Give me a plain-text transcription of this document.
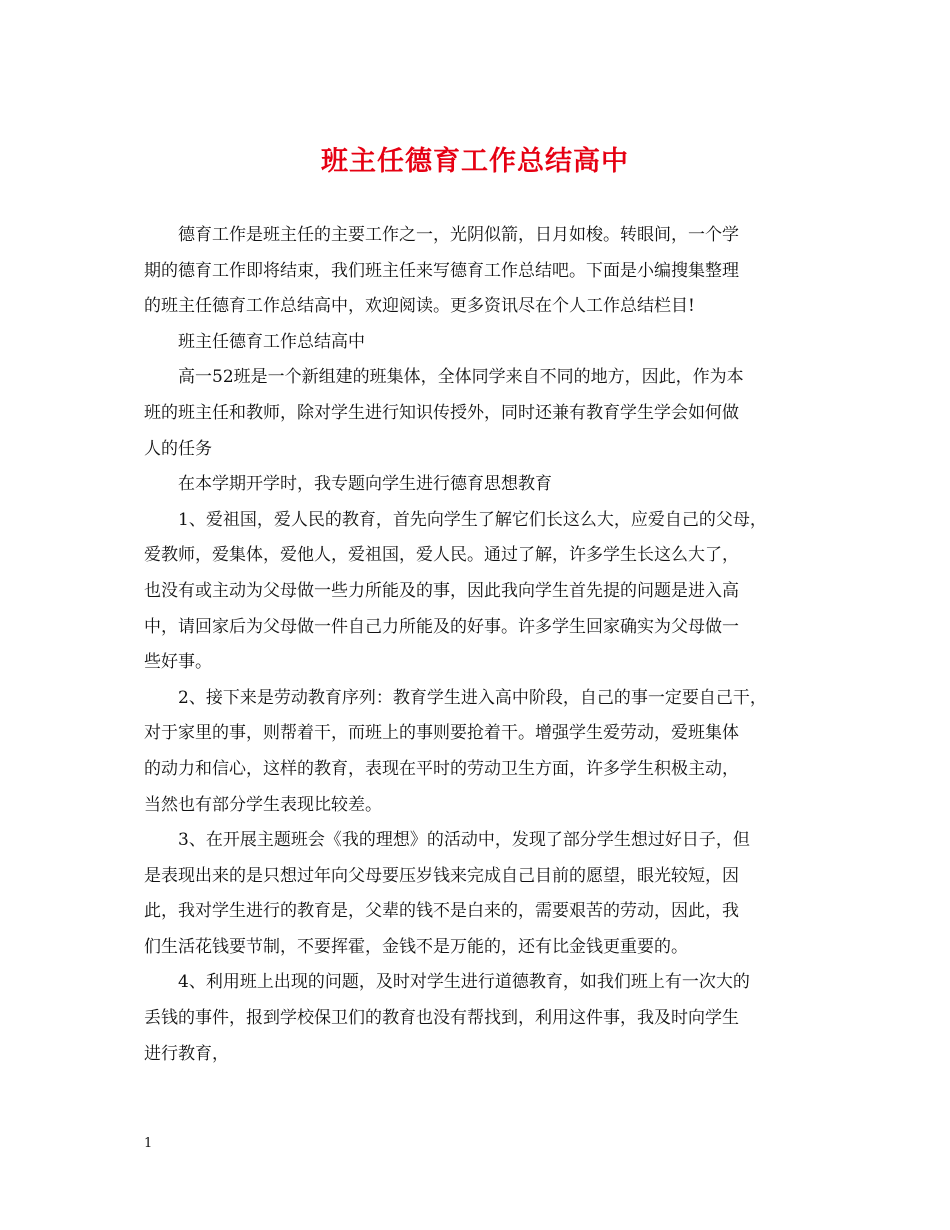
班主任德育工作总结高中

德育工作是班主任的主要工作之一，光阴似箭，日月如梭。转眼间，一个学
期的德育工作即将结束，我们班主任来写德育工作总结吧。下面是小编搜集整理
的班主任德育工作总结高中，欢迎阅读。更多资讯尽在个人工作总结栏目!

班主任德育工作总结高中

高一52班是一个新组建的班集体，全体同学来自不同的地方，因此，作为本
班的班主任和教师，除对学生进行知识传授外，同时还兼有教育学生学会如何做
人的任务

在本学期开学时，我专题向学生进行德育思想教育

1、爱祖国，爱人民的教育，首先向学生了解它们长这么大，应爱自己的父母，
爱教师，爱集体，爱他人，爱祖国，爱人民。通过了解，许多学生长这么大了，
也没有或主动为父母做一些力所能及的事，因此我向学生首先提的问题是进入高
中，请回家后为父母做一件自己力所能及的好事。许多学生回家确实为父母做一
些好事。

2、接下来是劳动教育序列：教育学生进入高中阶段，自己的事一定要自己干，
对于家里的事，则帮着干，而班上的事则要抢着干。增强学生爱劳动，爱班集体
的动力和信心，这样的教育，表现在平时的劳动卫生方面，许多学生积极主动，
当然也有部分学生表现比较差。

3、在开展主题班会《我的理想》的活动中，发现了部分学生想过好日子，但
是表现出来的是只想过年向父母要压岁钱来完成自己目前的愿望，眼光较短，因
此，我对学生进行的教育是，父辈的钱不是白来的，需要艰苦的劳动，因此，我
们生活花钱要节制，不要挥霍，金钱不是万能的，还有比金钱更重要的。

4、利用班上出现的问题，及时对学生进行道德教育，如我们班上有一次大的
丢钱的事件，报到学校保卫们的教育也没有帮找到，利用这件事，我及时向学生
进行教育，

1
